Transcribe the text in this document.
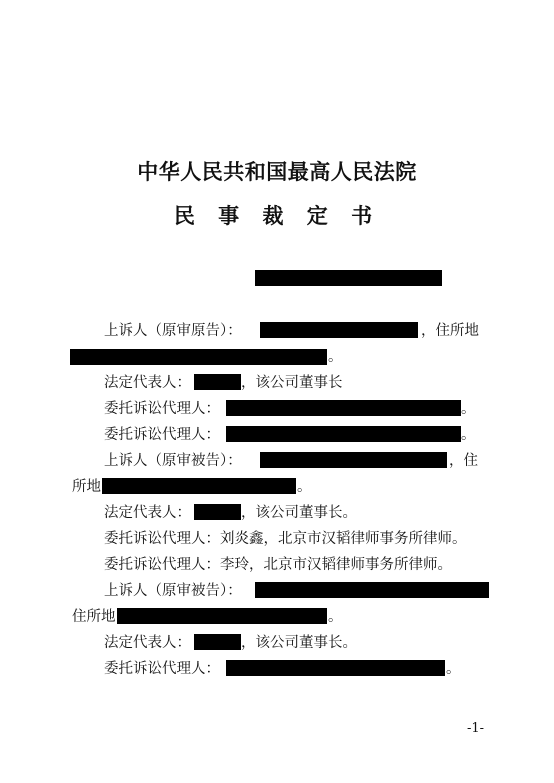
中华人民共和国最高人民法院
民 事 裁 定 书
上诉人（原审原告）：	，住所地
。
法定代表人：	，该公司董事长
委托诉讼代理人：	。
委托诉讼代理人：	。
上诉人（原审被告）：	，住
所地	。
法定代表人：	，该公司董事长。
委托诉讼代理人：刘炎鑫，北京市汉韬律师事务所律师。
委托诉讼代理人：李玲，北京市汉韬律师事务所律师。
上诉人（原审被告）：
住所地	。
法定代表人：	，该公司董事长。
委托诉讼代理人：	。
-1-
